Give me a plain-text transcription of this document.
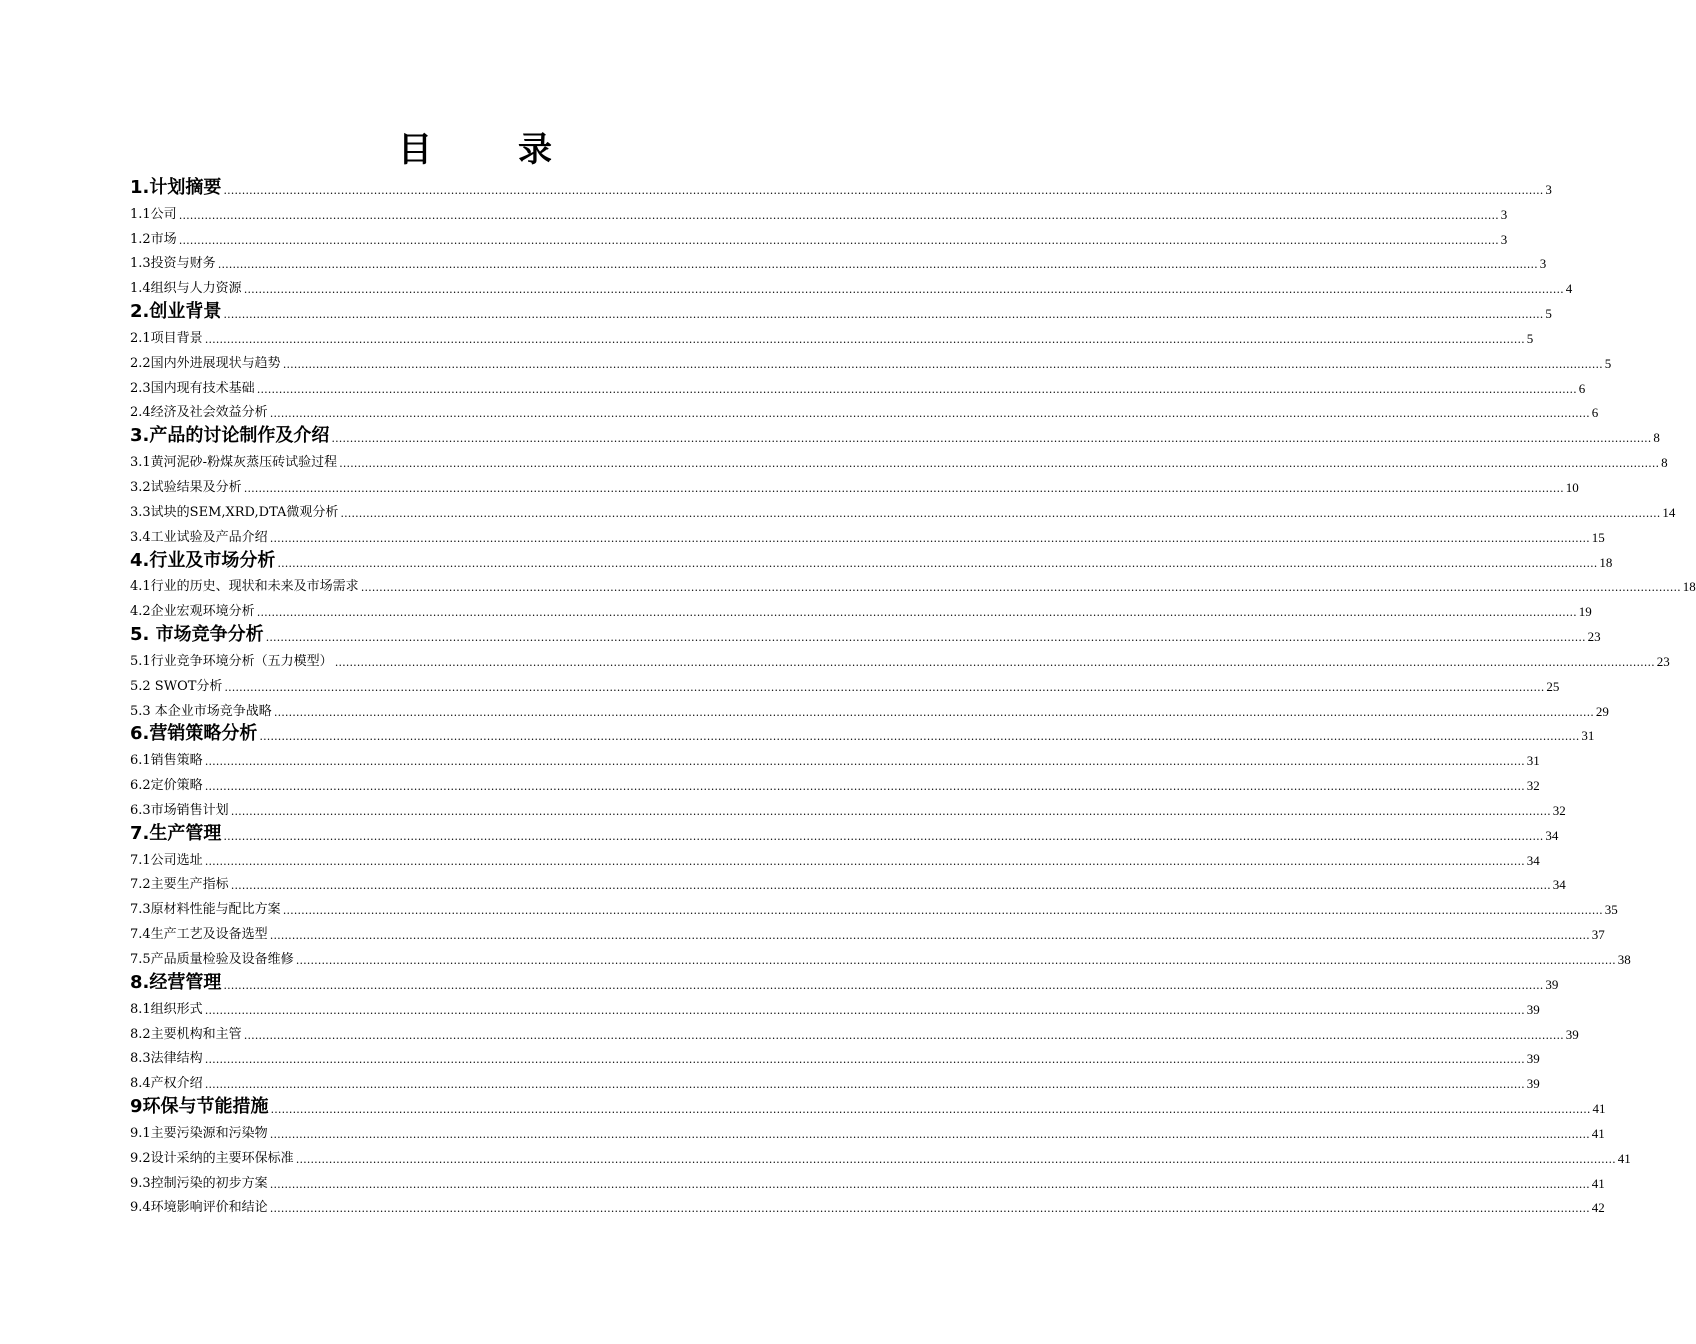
目　录
1.计划摘要 ……………………………………………………………………………………………………………………………………………………………………………………………………………………………………………………………………………………………………………………………… 3
1.1公司 ……………………………………………………………………………………………………………………………………………………………………………………………………………………………………………………………………………………………………………………………… 3
1.2市场 ……………………………………………………………………………………………………………………………………………………………………………………………………………………………………………………………………………………………………………………………… 3
1.3投资与财务 ……………………………………………………………………………………………………………………………………………………………………………………………………………………………………………………………………………………………………………………………… 3
1.4组织与人力资源 ……………………………………………………………………………………………………………………………………………………………………………………………………………………………………………………………………………………………………………………………… 4
2.创业背景 ……………………………………………………………………………………………………………………………………………………………………………………………………………………………………………………………………………………………………………………………… 5
2.1项目背景 ……………………………………………………………………………………………………………………………………………………………………………………………………………………………………………………………………………………………………………………………… 5
2.2国内外进展现状与趋势 ……………………………………………………………………………………………………………………………………………………………………………………………………………………………………………………………………………………………………………………………… 5
2.3国内现有技术基础 ……………………………………………………………………………………………………………………………………………………………………………………………………………………………………………………………………………………………………………………………… 6
2.4经济及社会效益分析 ……………………………………………………………………………………………………………………………………………………………………………………………………………………………………………………………………………………………………………………………… 6
3.产品的讨论制作及介绍 ……………………………………………………………………………………………………………………………………………………………………………………………………………………………………………………………………………………………………………………………… 8
3.1黄河泥砂-粉煤灰蒸压砖试验过程 ……………………………………………………………………………………………………………………………………………………………………………………………………………………………………………………………………………………………………………………………… 8
3.2试验结果及分析 ……………………………………………………………………………………………………………………………………………………………………………………………………………………………………………………………………………………………………………………………… 10
3.3试块的SEM,XRD,DTA微观分析 ……………………………………………………………………………………………………………………………………………………………………………………………………………………………………………………………………………………………………………………………… 14
3.4工业试验及产品介绍 ……………………………………………………………………………………………………………………………………………………………………………………………………………………………………………………………………………………………………………………………… 15
4.行业及市场分析 ……………………………………………………………………………………………………………………………………………………………………………………………………………………………………………………………………………………………………………………………… 18
4.1行业的历史、现状和未来及市场需求 ……………………………………………………………………………………………………………………………………………………………………………………………………………………………………………………………………………………………………………………………… 18
4.2企业宏观环境分析 ……………………………………………………………………………………………………………………………………………………………………………………………………………………………………………………………………………………………………………………………… 19
5. 市场竞争分析 ……………………………………………………………………………………………………………………………………………………………………………………………………………………………………………………………………………………………………………………………… 23
5.1行业竞争环境分析（五力模型） ……………………………………………………………………………………………………………………………………………………………………………………………………………………………………………………………………………………………………………………………… 23
5.2 SWOT分析 ……………………………………………………………………………………………………………………………………………………………………………………………………………………………………………………………………………………………………………………………… 25
5.3 本企业市场竞争战略 ……………………………………………………………………………………………………………………………………………………………………………………………………………………………………………………………………………………………………………………………… 29
6.营销策略分析 ……………………………………………………………………………………………………………………………………………………………………………………………………………………………………………………………………………………………………………………………… 31
6.1销售策略 ……………………………………………………………………………………………………………………………………………………………………………………………………………………………………………………………………………………………………………………………… 31
6.2定价策略 ……………………………………………………………………………………………………………………………………………………………………………………………………………………………………………………………………………………………………………………………… 32
6.3市场销售计划 ……………………………………………………………………………………………………………………………………………………………………………………………………………………………………………………………………………………………………………………………… 32
7.生产管理 ……………………………………………………………………………………………………………………………………………………………………………………………………………………………………………………………………………………………………………………………… 34
7.1公司选址 ……………………………………………………………………………………………………………………………………………………………………………………………………………………………………………………………………………………………………………………………… 34
7.2主要生产指标 ……………………………………………………………………………………………………………………………………………………………………………………………………………………………………………………………………………………………………………………………… 34
7.3原材料性能与配比方案 ……………………………………………………………………………………………………………………………………………………………………………………………………………………………………………………………………………………………………………………………… 35
7.4生产工艺及设备选型 ……………………………………………………………………………………………………………………………………………………………………………………………………………………………………………………………………………………………………………………………… 37
7.5产品质量检验及设备维修 ……………………………………………………………………………………………………………………………………………………………………………………………………………………………………………………………………………………………………………………………… 38
8.经营管理 ……………………………………………………………………………………………………………………………………………………………………………………………………………………………………………………………………………………………………………………………… 39
8.1组织形式 ……………………………………………………………………………………………………………………………………………………………………………………………………………………………………………………………………………………………………………………………… 39
8.2主要机构和主管 ……………………………………………………………………………………………………………………………………………………………………………………………………………………………………………………………………………………………………………………………… 39
8.3法律结构 ……………………………………………………………………………………………………………………………………………………………………………………………………………………………………………………………………………………………………………………………… 39
8.4产权介绍 ……………………………………………………………………………………………………………………………………………………………………………………………………………………………………………………………………………………………………………………………… 39
9环保与节能措施 ……………………………………………………………………………………………………………………………………………………………………………………………………………………………………………………………………………………………………………………………… 41
9.1主要污染源和污染物 ……………………………………………………………………………………………………………………………………………………………………………………………………………………………………………………………………………………………………………………………… 41
9.2设计采纳的主要环保标准 ……………………………………………………………………………………………………………………………………………………………………………………………………………………………………………………………………………………………………………………………… 41
9.3控制污染的初步方案 ……………………………………………………………………………………………………………………………………………………………………………………………………………………………………………………………………………………………………………………………… 41
9.4环境影响评价和结论 ……………………………………………………………………………………………………………………………………………………………………………………………………………………………………………………………………………………………………………………………… 42
